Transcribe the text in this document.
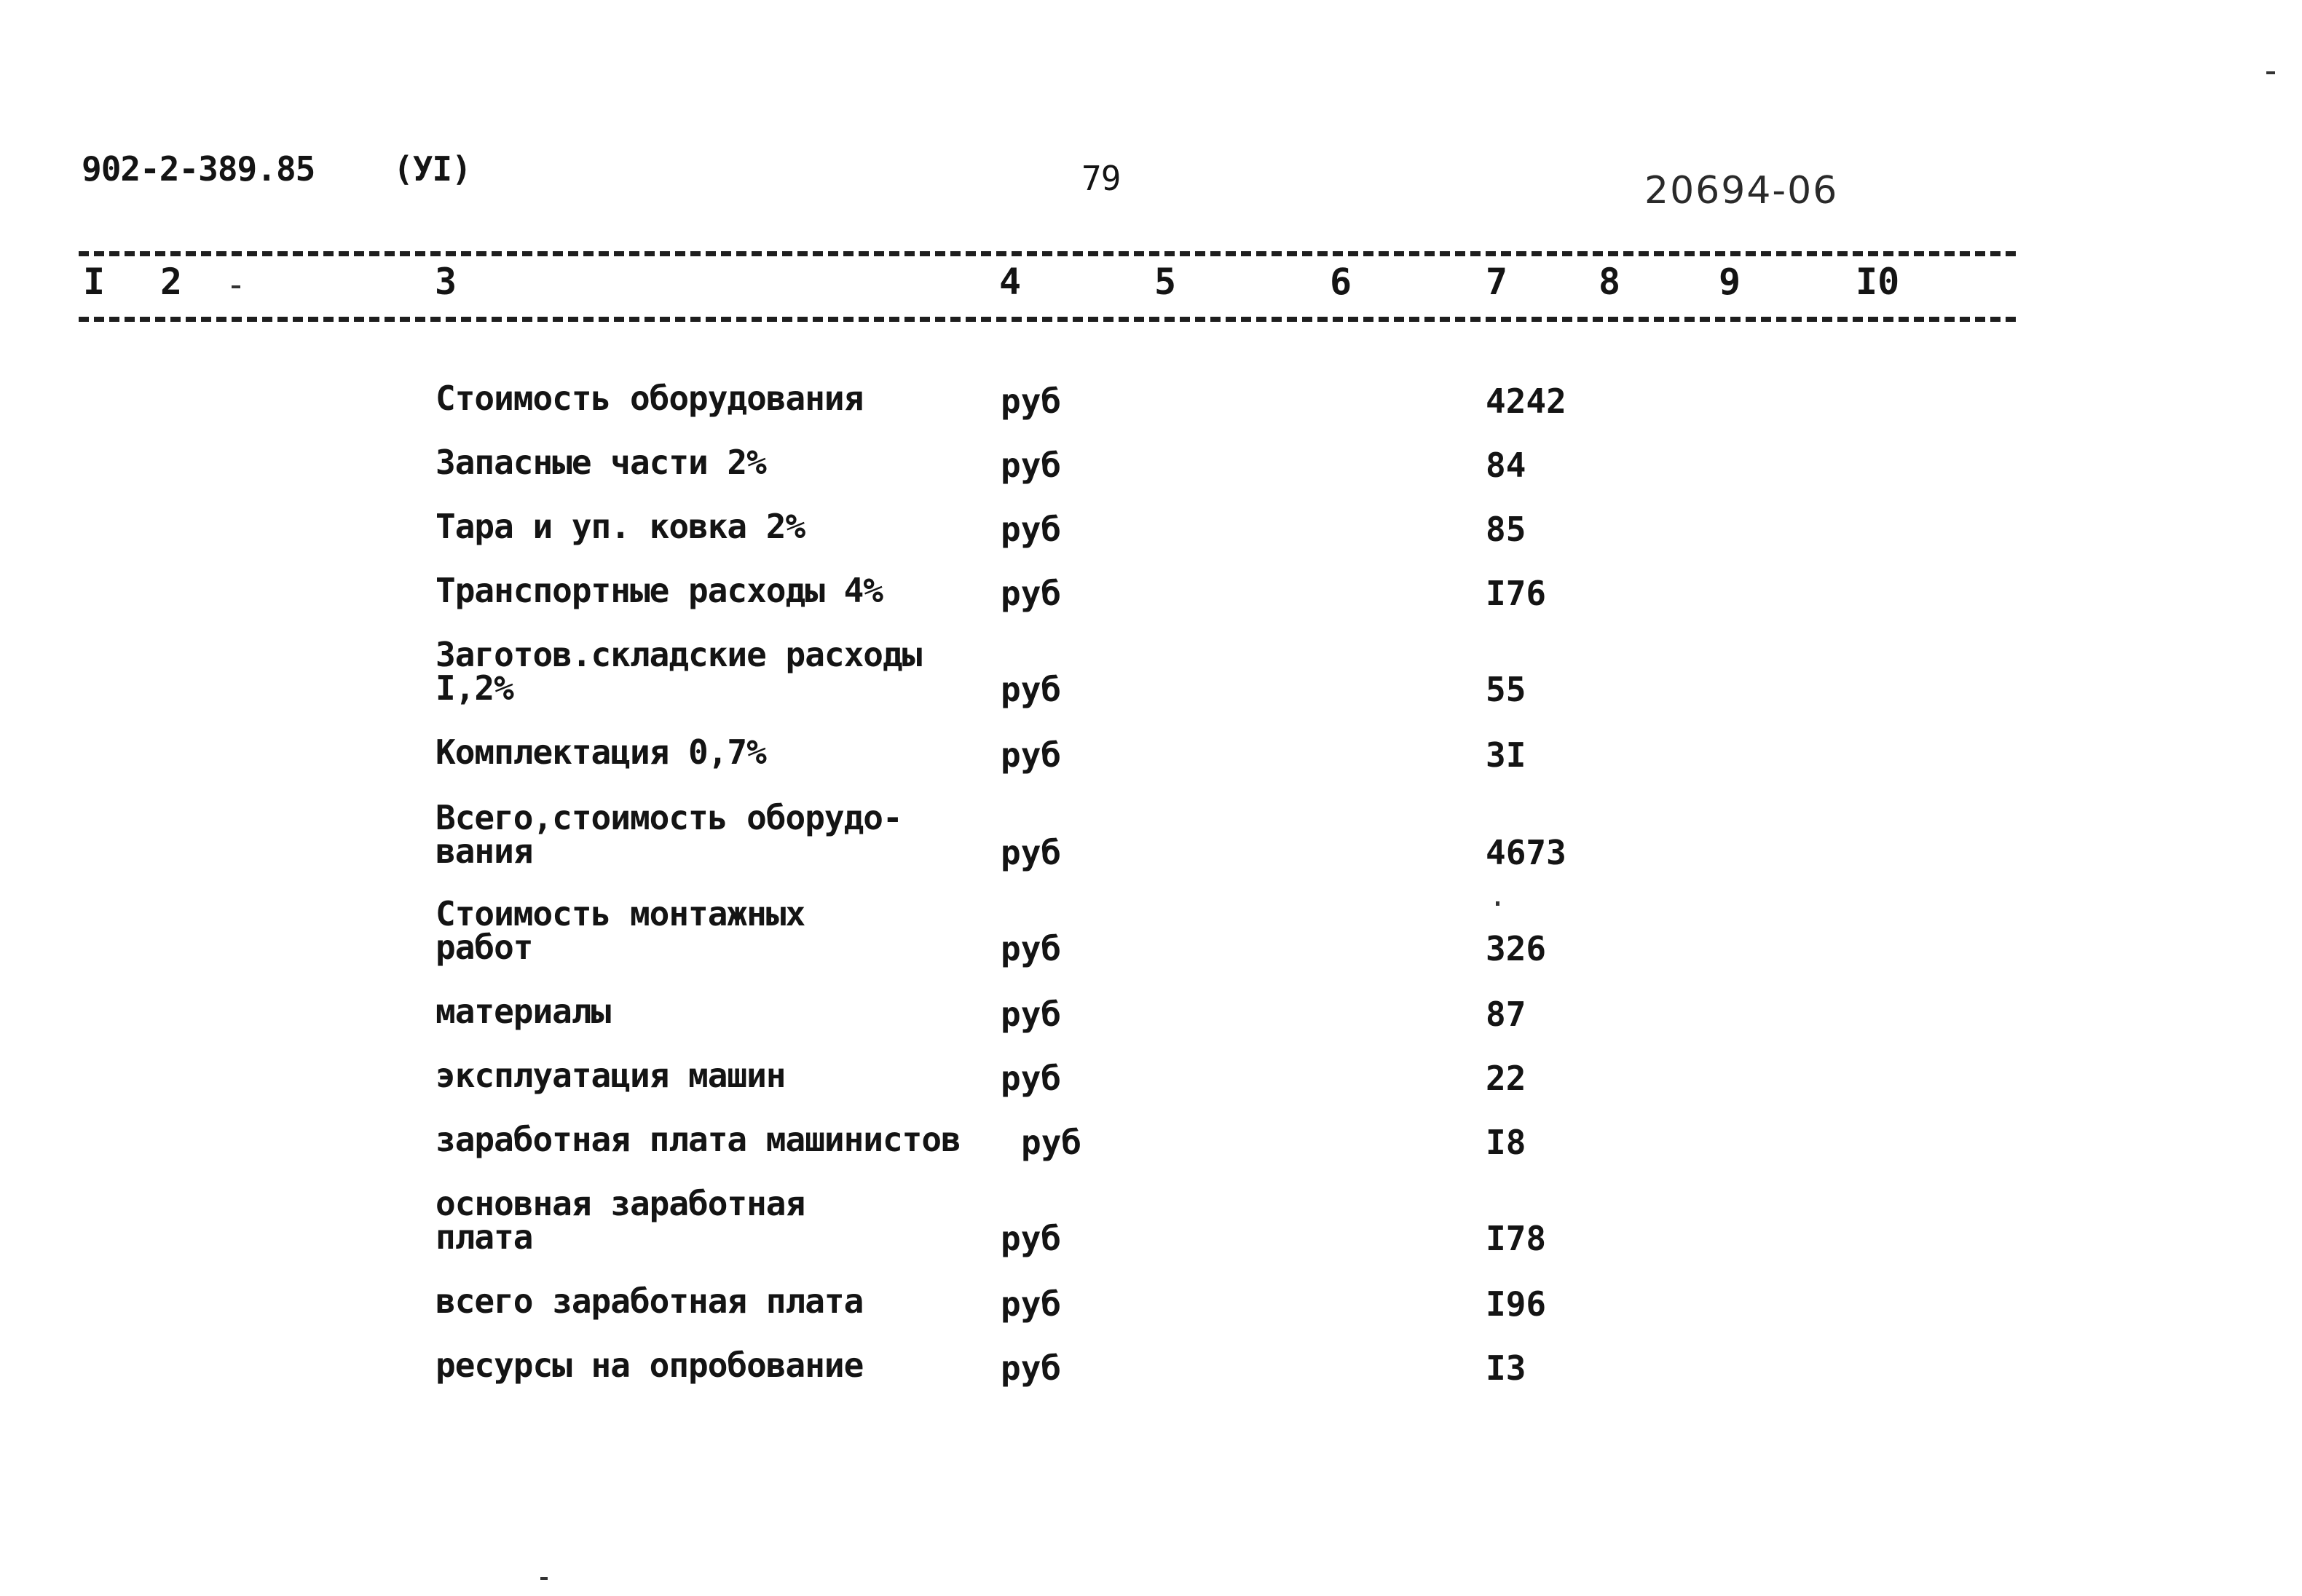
902-2-389.85 (УI)	79	20694-06
I 2	3	4	5	6	7 8	9	I0
Стоимость оборудования	руб	4242
Запасные части 2%	руб	84
Тара и уп. ковка 2%	руб	85
Транспортные расходы 4%	руб	I76
Заготов.складские расходы
I,2%	руб	55
Комплектация 0,7%	руб	3I
Всего,стоимость оборудо-
вания	руб	4673
Стоимость монтажных
работ	руб	326
материалы	руб	87
эксплуатация машин	руб	22
заработная плата машинистов	руб	I8
основная заработная
плата	руб	I78
всего заработная плата	руб	I96
ресурсы на опробование	руб	I3
